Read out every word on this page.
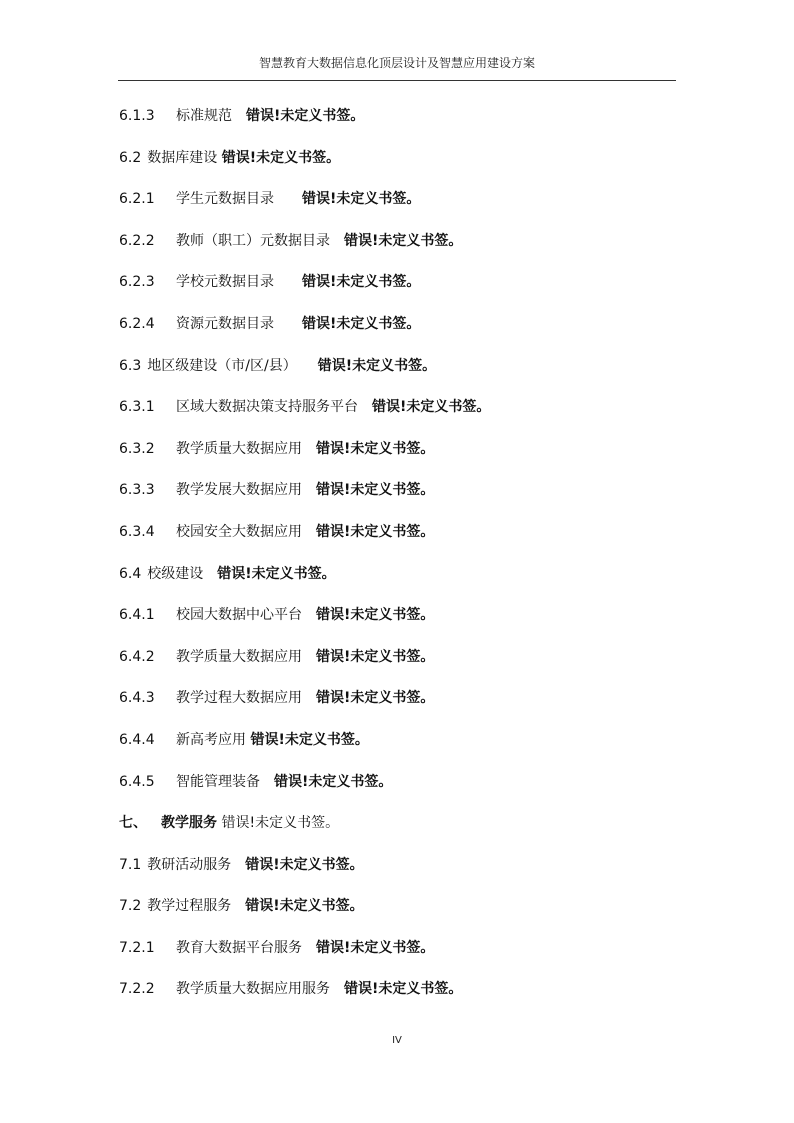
智慧教育大数据信息化顶层设计及智慧应用建设方案
6.1.3 标准规范　 错误!未定义书签。
6.2 数据库建设 错误!未定义书签。
6.2.1 学生元数据目录　　 错误!未定义书签。
6.2.2 教师（职工）元数据目录　 错误!未定义书签。
6.2.3 学校元数据目录　　 错误!未定义书签。
6.2.4 资源元数据目录　　 错误!未定义书签。
6.3 地区级建设（市/区/县）　　 错误!未定义书签。
6.3.1 区域大数据决策支持服务平台　 错误!未定义书签。
6.3.2 教学质量大数据应用　 错误!未定义书签。
6.3.3 教学发展大数据应用　 错误!未定义书签。
6.3.4 校园安全大数据应用　 错误!未定义书签。
6.4 校级建设　 错误!未定义书签。
6.4.1 校园大数据中心平台　 错误!未定义书签。
6.4.2 教学质量大数据应用　 错误!未定义书签。
6.4.3 教学过程大数据应用　 错误!未定义书签。
6.4.4 新高考应用 错误!未定义书签。
6.4.5 智能管理装备　 错误!未定义书签。
七、 教学服务 错误!未定义书签。
7.1 教研活动服务　 错误!未定义书签。
7.2 教学过程服务　 错误!未定义书签。
7.2.1 教育大数据平台服务　 错误!未定义书签。
7.2.2 教学质量大数据应用服务　 错误!未定义书签。
IV
